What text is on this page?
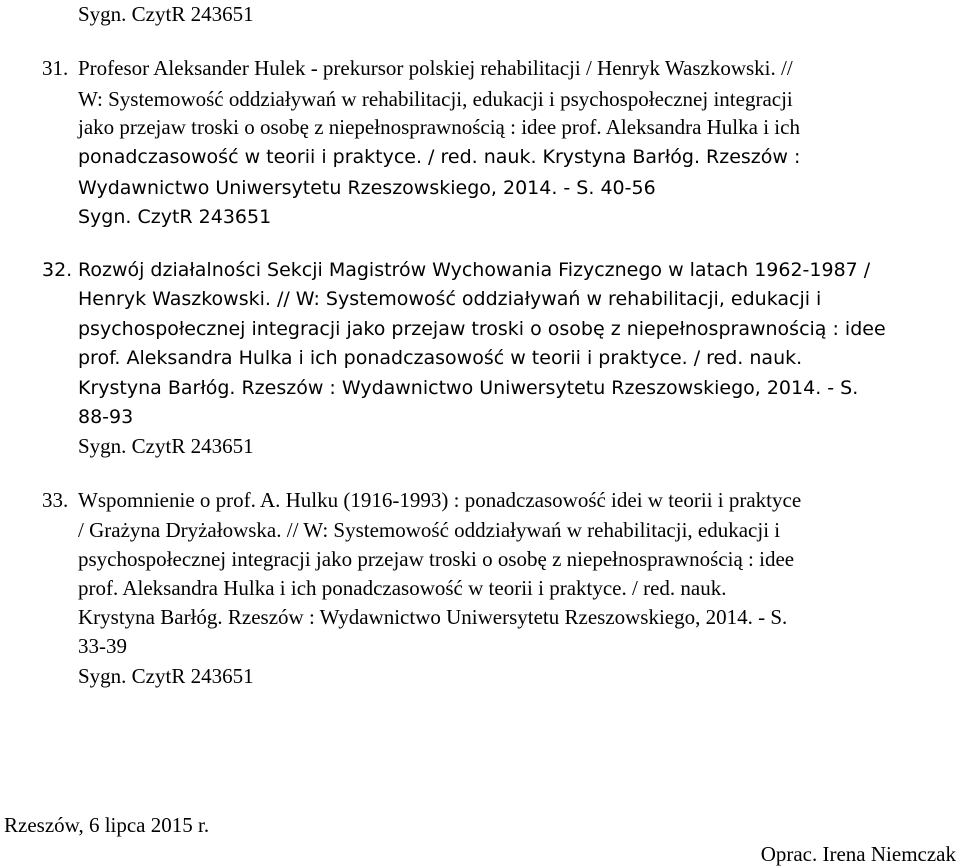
Sygn. CzytR 243651
31. Profesor Aleksander Hulek - prekursor polskiej rehabilitacji / Henryk Waszkowski. //
W: Systemowość oddziaływań w rehabilitacji, edukacji i psychospołecznej integracji
jako przejaw troski o osobę z niepełnosprawnością : idee prof. Aleksandra Hulka i ich
ponadczasowość w teorii i praktyce. / red. nauk. Krystyna Barłóg. Rzeszów :
Wydawnictwo Uniwersytetu Rzeszowskiego, 2014. - S. 40-56
Sygn. CzytR 243651
32. Rozwój działalności Sekcji Magistrów Wychowania Fizycznego w latach 1962-1987 /
Henryk Waszkowski. // W: Systemowość oddziaływań w rehabilitacji, edukacji i
psychospołecznej integracji jako przejaw troski o osobę z niepełnosprawnością : idee
prof. Aleksandra Hulka i ich ponadczasowość w teorii i praktyce. / red. nauk.
Krystyna Barłóg. Rzeszów : Wydawnictwo Uniwersytetu Rzeszowskiego, 2014. - S.
88-93
Sygn. CzytR 243651
33. Wspomnienie o prof. A. Hulku (1916-1993) : ponadczasowość idei w teorii i praktyce
/ Grażyna Dryżałowska. // W: Systemowość oddziaływań w rehabilitacji, edukacji i
psychospołecznej integracji jako przejaw troski o osobę z niepełnosprawnością : idee
prof. Aleksandra Hulka i ich ponadczasowość w teorii i praktyce. / red. nauk.
Krystyna Barłóg. Rzeszów : Wydawnictwo Uniwersytetu Rzeszowskiego, 2014. - S.
33-39
Sygn. CzytR 243651
Rzeszów, 6 lipca 2015 r.
Oprac. Irena Niemczak
